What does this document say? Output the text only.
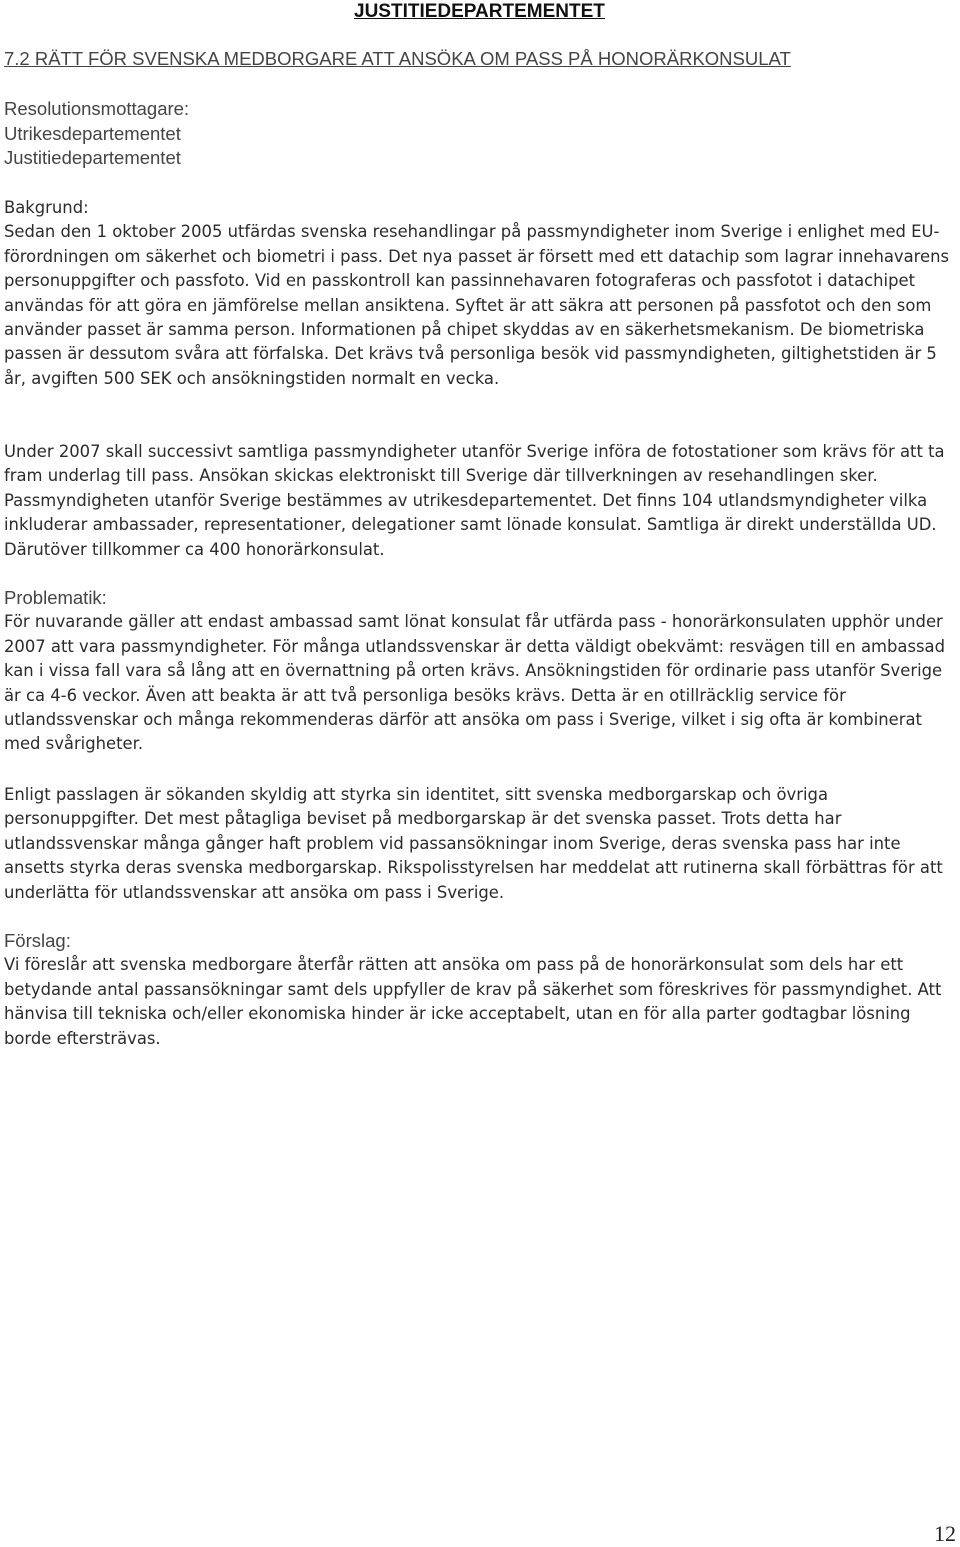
JUSTITIEDEPARTEMENTET
7.2 RÄTT FÖR SVENSKA MEDBORGARE ATT ANSÖKA OM PASS PÅ HONORÄRKONSULAT
Resolutionsmottagare:
Utrikesdepartementet
Justitiedepartementet
Bakgrund:
Sedan den 1 oktober 2005 utfärdas svenska resehandlingar på passmyndigheter inom Sverige i enlighet med EU-förordningen om säkerhet och biometri i pass. Det nya passet är försett med ett datachip som lagrar innehavarens personuppgifter och passfoto. Vid en passkontroll kan passinnehavaren fotograferas och passfotot i datachipet användas för att göra en jämförelse mellan ansiktena. Syftet är att säkra att personen på passfotot och den som använder passet är samma person. Informationen på chipet skyddas av en säkerhetsmekanism. De biometriska passen är dessutom svåra att förfalska. Det krävs två personliga besök vid passmyndigheten, giltighetstiden är 5 år, avgiften 500 SEK och ansökningstiden normalt en vecka.
Under 2007 skall successivt samtliga passmyndigheter utanför Sverige införa de fotostationer som krävs för att ta fram underlag till pass. Ansökan skickas elektroniskt till Sverige där tillverkningen av resehandlingen sker. Passmyndigheten utanför Sverige bestämmes av utrikesdepartementet. Det finns 104 utlandsmyndigheter vilka inkluderar ambassader, representationer, delegationer samt lönade konsulat. Samtliga är direkt underställda UD. Därutöver tillkommer ca 400 honorärkonsulat.
Problematik:
För nuvarande gäller att endast ambassad samt lönat konsulat får utfärda pass - honorärkonsulaten upphör under 2007 att vara passmyndigheter. För många utlandssvenskar är detta väldigt obekvämt: resvägen till en ambassad kan i vissa fall vara så lång att en övernattning på orten krävs. Ansökningstiden för ordinarie pass utanför Sverige är ca 4-6 veckor. Även att beakta är att två personliga besöks krävs. Detta är en otillräcklig service för utlandssvenskar och många rekommenderas därför att ansöka om pass i Sverige, vilket i sig ofta är kombinerat med svårigheter.
Enligt passlagen är sökanden skyldig att styrka sin identitet, sitt svenska medborgarskap och övriga personuppgifter. Det mest påtagliga beviset på medborgarskap är det svenska passet. Trots detta har utlandssvenskar många gånger haft problem vid passansökningar inom Sverige, deras svenska pass har inte ansetts styrka deras svenska medborgarskap. Rikspolisstyrelsen har meddelat att rutinerna skall förbättras för att underlätta för utlandssvenskar att ansöka om pass i Sverige.
Förslag:
Vi föreslår att svenska medborgare återfår rätten att ansöka om pass på de honorärkonsulat som dels har ett betydande antal passansökningar samt dels uppfyller de krav på säkerhet som föreskrives för passmyndighet. Att hänvisa till tekniska och/eller ekonomiska hinder är icke acceptabelt, utan en för alla parter godtagbar lösning borde eftersträvas.
12
